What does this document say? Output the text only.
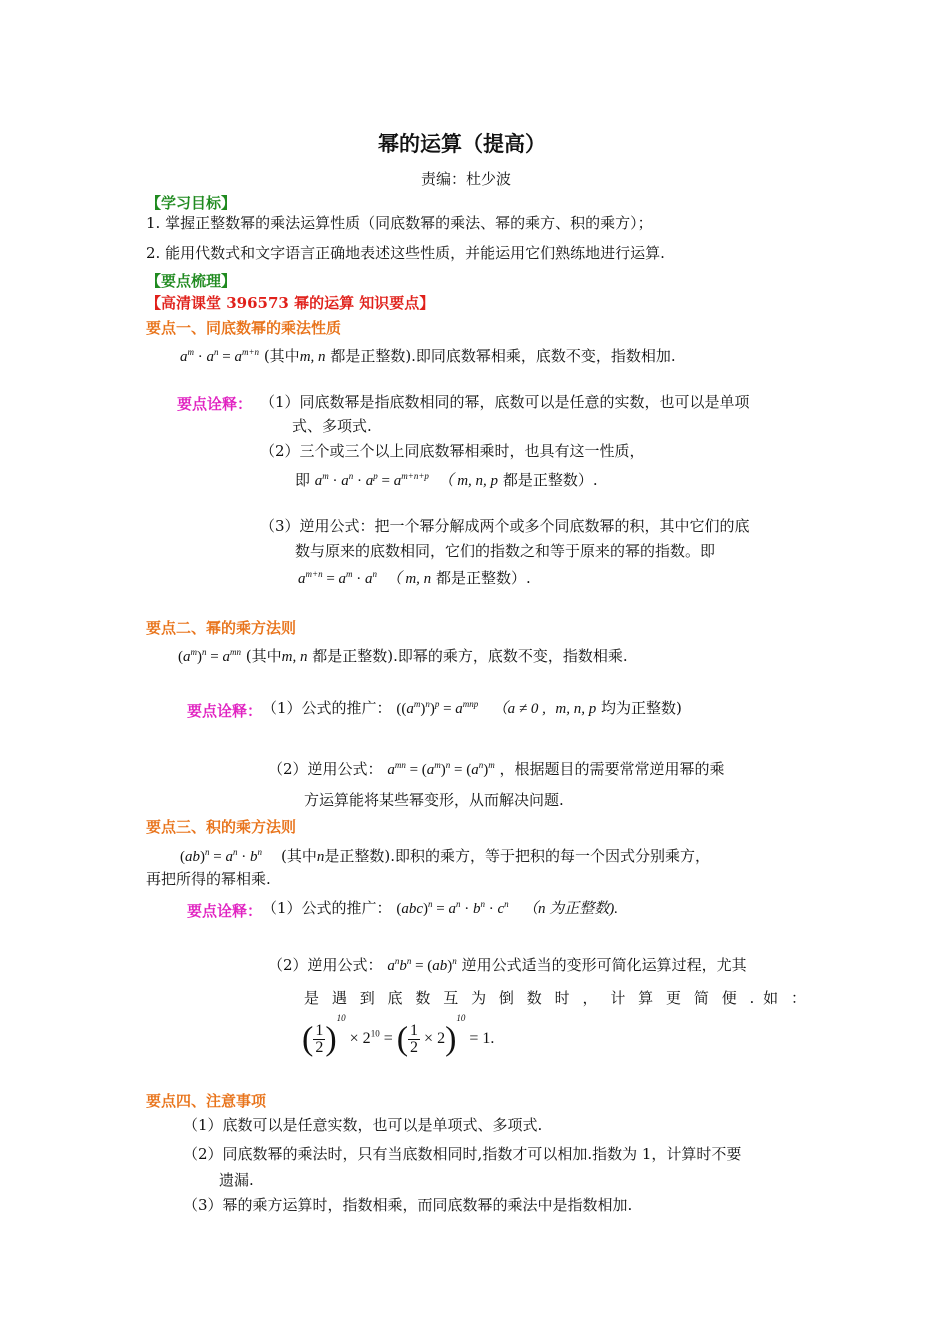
幂的运算（提高）
责编：杜少波
【学习目标】
1. 掌握正整数幂的乘法运算性质（同底数幂的乘法、幂的乘方、积的乘方）；
2. 能用代数式和文字语言正确地表述这些性质，并能运用它们熟练地进行运算.
【要点梳理】
【高清课堂 396573 幂的运算 知识要点】
要点一、同底数幂的乘法性质
$a^m \cdot a^n = a^{m+n}$ (其中m, n 都是正整数).即同底数幂相乘，底数不变，指数相加.
要点诠释： （1）同底数幂是指底数相同的幂，底数可以是任意的实数，也可以是单项
式、多项式.
（2）三个或三个以上同底数幂相乘时，也具有这一性质，
即 $a^m \cdot a^n \cdot a^p = a^{m+n+p}$ （ m, n, p 都是正整数）.
（3）逆用公式：把一个幂分解成两个或多个同底数幂的积，其中它们的底
数与原来的底数相同，它们的指数之和等于原来的幂的指数。即
$a^{m+n} = a^m \cdot a^n$ （ m, n 都是正整数）.
要点二、幂的乘方法则
$(a^m)^n = a^{mn}$ (其中m, n 都是正整数).即幂的乘方，底数不变，指数相乘.
要点诠释： （1）公式的推广： $((a^m)^n)^p = a^{mnp}$ （a ≠ 0 , m, n, p 均为正整数)
（2）逆用公式： $a^{mn} = (a^m)^n = (a^n)^m$ ，根据题目的需要常常逆用幂的乘
方运算能将某些幂变形，从而解决问题.
要点三、积的乘方法则
$(ab)^n = a^n \cdot b^n$ (其中n是正整数).即积的乘方，等于把积的每一个因式分别乘方，
再把所得的幂相乘.
要点诠释： （1）公式的推广： $(abc)^n = a^n \cdot b^n \cdot c^n$ （n 为正整数).
（2）逆用公式： $a^nb^n = (ab)^n$ 逆用公式适当的变形可简化运算过程，尤其
是 遇 到 底 数 互 为 倒 数 时 ， 计 算 更 简 便 . 如 ：
( $\frac{1}{2} )^{10} \times 2^{10}$ = ( $\frac{1}{2} \times 2)^{10} = 1$.
要点四、注意事项
（1）底数可以是任意实数，也可以是单项式、多项式.
（2）同底数幂的乘法时，只有当底数相同时,指数才可以相加.指数为 1，计算时不要
遗漏.
（3）幂的乘方运算时，指数相乘，而同底数幂的乘法中是指数相加.
